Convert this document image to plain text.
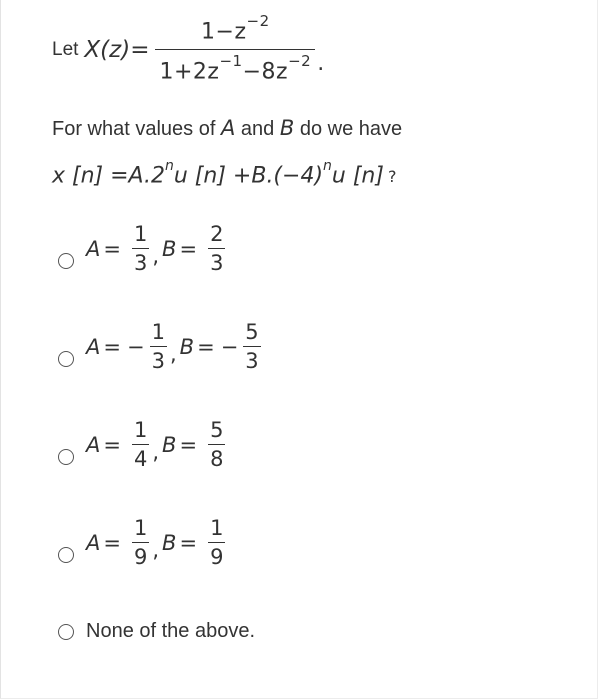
Let $X(z)= \frac{1-z^{-2}}{1+2z^{-1}-8z^{-2}}$ .
For what values of A and B do we have
x $[n] =A.2^nu$ $[n] +B.(-4)^nu$ [n] ?
$A = \frac{1}{3}$ , $B = \frac{2}{3}$
A = − $\frac{1}{3}$ , B = − $\frac{5}{3}$
$A = \frac{1}{4}$ , $B = \frac{5}{8}$
$A = \frac{1}{9}$ , $B = \frac{1}{9}$
None of the above.
